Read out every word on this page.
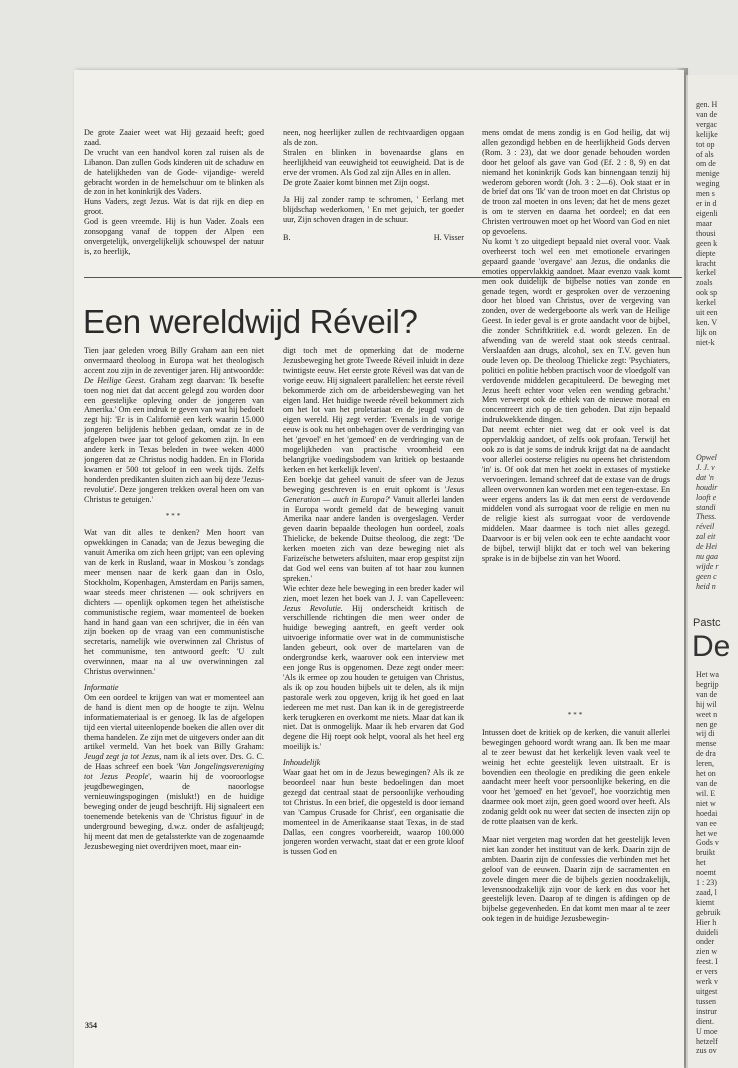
De grote Zaaier weet wat Hij gezaaid heeft; goed zaad.

De vrucht van een handvol koren zal ruisen als de Libanon. Dan zullen Gods kinderen uit de schaduw en de hatelijkheden van de Gode- vijandige- wereld gebracht worden in de hemelschuur om te blinken als de zon in het koninkrijk des Vaders.

Huns Vaders, zegt Jezus. Wat is dat rijk en diep en groot.

God is geen vreemde. Hij is hun Vader. Zoals een zonsopgang vanaf de toppen der Alpen een onvergetelijk, onvergelijkelijk schouwspel der natuur is, zo heerlijk,

neen, nog heerlijker zullen de rechtvaardigen opgaan als de zon.

Stralen en blinken in bovenaardse glans en heerlijkheid van eeuwigheid tot eeuwigheid. Dat is de erve der vromen. Als God zal zijn Alles en in allen.

De grote Zaaier komt binnen met Zijn oogst.

Ja Hij zal zonder ramp te schromen, ' Eerlang met blijdschap wederkomen, ' En met gejuich, ter goeder uur, Zijn schoven dragen in de schuur.

B.	H. Visser
Een wereldwijd Réveil?

mens omdat de mens zondig is en God heilig, dat wij allen gezondigd hebben en de heerlijkheid Gods derven (Rom. 3 : 23), dat we door genade behouden worden door het geloof als gave van God (Ef. 2 : 8, 9) en dat niemand het koninkrijk Gods kan binnengaan tenzij hij wederom geboren wordt (Joh. 3 : 2—6). Ook staat er in de brief dat ons 'Ik' van de troon moet en dat Christus op de troon zal moeten in ons leven; dat het de mens gezet is om te sterven en daarna het oordeel; en dat een Christen vertrouwen moet op het Woord van God en niet op gevoelens.

Nu komt 't zo uitgediept bepaald niet overal voor. Vaak overheerst toch wel een met emotionele ervaringen gepaard gaande 'overgave' aan Jezus, die ondanks die emoties oppervlakkig aandoet. Maar evenzo vaak komt men ook duidelijk de bijbelse noties van zonde en genade tegen, wordt er gesproken over de verzoening door het bloed van Christus, over de vergeving van zonden, over de wedergeboorte als werk van de Heilige Geest. In ieder geval is er grote aandacht voor de bijbel, die zonder Schriftkritiek e.d. wordt gelezen. En de afwending van de wereld staat ook steeds centraal. Verslaafden aan drugs, alcohol, sex en T.V. geven hun oude leven op. De theoloog Thielicke zegt: 'Psychiaters, politici en politie hebben practisch voor de vloedgolf van verdovende middelen gecapituleerd. De beweging met Jezus heeft echter voor velen een wending gebracht.' Men verwerpt ook de ethiek van de nieuwe moraal en concentreert zich op de tien geboden. Dat zijn bepaald indrukwekkende dingen.

Dat neemt echter niet weg dat er ook veel is dat oppervlakkig aandoet, of zelfs ook profaan. Terwijl het ook zo is dat je soms de indruk krijgt dat na de aandacht voor allerlei oosterse religies nu opeens het christendom 'in' is. Of ook dat men het zoekt in extases of mystieke vervoeringen. Iemand schreef dat de extase van de drugs alleen overwonnen kan worden met een tegen-extase. En weer ergens anders las ik dat men eerst de verdovende middelen vond als surrogaat voor de religie en men nu de religie kiest als surrogaat voor de verdovende middelen. Maar daarmee is toch niet alles gezegd. Daarvoor is er bij velen ook een te echte aandacht voor de bijbel, terwijl blijkt dat er toch wel van bekering sprake is in de bijbelse zin van het Woord.

***

Intussen doet de kritiek op de kerken, die vanuit allerlei bewegingen gehoord wordt wrang aan. Ik ben me maar al te zeer bewust dat het kerkelijk leven vaak veel te weinig het echte geestelijk leven uitstraalt. Er is bovendien een theologie en prediking die geen enkele aandacht meer heeft voor persoonlijke bekering, en die voor het 'gemoed' en het 'gevoel', hoe voorzichtig men daarmee ook moet zijn, geen goed woord over heeft. Als zodanig geldt ook nu weer dat secten de insecten zijn op de rotte plaatsen van de kerk.

Maar niet vergeten mag worden dat het geestelijk leven niet kan zonder het instituut van de kerk. Daarin zijn de ambten. Daarin zijn de confessies die verbinden met het geloof van de eeuwen. Daarin zijn de sacramenten en zovele dingen meer die de bijbels gezien noodzakelijk, levensnoodzakelijk zijn voor de kerk en dus voor het geestelijk leven. Daarop af te dingen is afdingen op de bijbelse gegevenheden. En dat komt men maar al te zeer ook tegen in de huidige Jezusbewegin-

Tien jaar geleden vroeg Billy Graham aan een niet onvermaard theoloog in Europa wat het theologisch accent zou zijn in de zeventiger jaren. Hij antwoordde: De Heilige Geest. Graham zegt daarvan: 'Ik besefte toen nog niet dat dat accent gelegd zou worden door een geestelijke opleving onder de jongeren van Amerika.' Om een indruk te geven van wat hij bedoelt zegt hij: 'Er is in Californië een kerk waarin 15.000 jongeren belijdenis hebben gedaan, omdat ze in de afgelopen twee jaar tot geloof gekomen zijn. In een andere kerk in Texas beleden in twee weken 4000 jongeren dat ze Christus nodig hadden. En in Florida kwamen er 500 tot geloof in een week tijds. Zelfs honderden predikanten sluiten zich aan bij deze 'Jezus-revolutie'. Deze jongeren trekken overal heen om van Christus te getuigen.'

***

Wat van dit alles te denken? Men hoort van opwekkingen in Canada; van de Jezus beweging die vanuit Amerika om zich heen grijpt; van een opleving van de kerk in Rusland, waar in Moskou 's zondags meer mensen naar de kerk gaan dan in Oslo, Stockholm, Kopenhagen, Amsterdam en Parijs samen, waar steeds meer christenen — ook schrijvers en dichters — openlijk opkomen tegen het atheïstische communistische regiem, waar momenteel de boeken hand in hand gaan van een schrijver, die in één van zijn boeken op de vraag van een communistische secretaris, namelijk wie overwinnen zal Christus of het communisme, ten antwoord geeft: 'U zult overwinnen, maar na al uw overwinningen zal Christus overwinnen.'

Informatie

Om een oordeel te krijgen van wat er momenteel aan de hand is dient men op de hoogte te zijn. Welnu informatiemateriaal is er genoeg. Ik las de afgelopen tijd een viertal uiteenlopende boeken die allen over dit thema handelen. Ze zijn met de uitgevers onder aan dit artikel vermeld. Van het boek van Billy Graham: Jeugd zegt ja tot Jezus, nam ik al iets over. Drs. G. C. de Haas schreef een boek 'Van Jongelingsvereniging tot Jezus People', waarin hij de vooroorlogse jeugdbewegingen, de naoorlogse vernieuwingspogingen (mislukt!) en de huidige beweging onder de jeugd beschrijft. Hij signaleert een toenemende betekenis van de 'Christus figuur' in de underground beweging, d.w.z. onder de asfaltjeugd; hij meent dat men de getalssterkte van de zogenaamde Jezusbeweging niet overdrijven moet, maar ein-

digt toch met de opmerking dat de moderne Jezusbeweging het grote Tweede Réveil inluidt in deze twintigste eeuw. Het eerste grote Réveil was dat van de vorige eeuw. Hij signaleert parallellen: het eerste réveil bekommerde zich om de arbeidersbeweging van het eigen land. Het huidige tweede réveil bekommert zich om het lot van het proletariaat en de jeugd van de eigen wereld. Hij zegt verder: 'Evenals in de vorige eeuw is ook nu het onbehagen over de verdringing van het 'gevoel' en het 'gemoed' en de verdringing van de mogelijkheden van practische vroomheid een belangrijke voedingsbodem van kritiek op bestaande kerken en het kerkelijk leven'.

Een boekje dat geheel vanuit de sfeer van de Jezus beweging geschreven is en eruit opkomt is 'Jesus Generation — auch in Europa?' Vanuit allerlei landen in Europa wordt gemeld dat de beweging vanuit Amerika naar andere landen is overgeslagen. Verder geven daarin bepaalde theologen hun oordeel, zoals Thielicke, de bekende Duitse theoloog, die zegt: 'De kerken moeten zich van deze beweging niet als Farizeïsche betweters afsluiten, maar erop gespitst zijn dat God wel eens van buiten af tot haar zou kunnen spreken.'

Wie echter deze hele beweging in een breder kader wil zien, moet lezen het boek van J. J. van Capelleveen: Jezus Revolutie. Hij onderscheidt kritisch de verschillende richtingen die men weer onder de huidige beweging aantreft, en geeft verder ook uitvoerige informatie over wat in de communistische landen gebeurt, ook over de martelaren van de ondergrondse kerk, waarover ook een interview met een jonge Rus is opgenomen. Deze zegt onder meer: 'Als ik ermee op zou houden te getuigen van Christus, als ik op zou houden bijbels uit te delen, als ik mijn pastorale werk zou opgeven, krijg ik het goed en laat iedereen me met rust. Dan kan ik in de geregistreerde kerk terugkeren en overkomt me niets. Maar dat kan ik niet. Dat is onmogelijk. Maar ik heb ervaren dat God degene die Hij roept ook helpt, vooral als het heel erg moeilijk is.'

Inhoudelijk

Waar gaat het om in de Jezus bewegingen? Als ik ze beoordeel naar hun beste bedoelingen dan moet gezegd dat centraal staat de persoonlijke verhouding tot Christus. In een brief, die opgesteld is door iemand van 'Campus Crusade for Christ', een organisatie die momenteel in de Amerikaanse staat Texas, in de stad Dallas, een congres voorbereidt, waarop 100.000 jongeren worden verwacht, staat dat er een grote kloof is tussen God en

354

gen. H

van de

vergac

kelijke

tot op

of als

om de

menige

weging

men s

er in d

eigenli

maar

thousi

geen k

diepte

kracht

kerkel

zoals

ook sp

kerkel

uit een

ken. V

lijk on

niet-k

Opwel

J. J. v

dat 'n

houdir

looft e

standi

Thess.

réveil

zal eit

de Hei

nu gaa

wijde r

geen c

heid n

Pastc
De

Het wa

begrijp

van de

hij wil

weet n

nen ge

wij di

mense

de dra

leren,

het on

van de

wil. E

niet w

hoedai

van ee

het we

Gods v

bruikt

het

noemt

1 : 23)

zaad, l

kiemt

gebruik

Hier h

duideli

onder

zien w

feest. I

er vers

werk v

uitgest

tussen

instrur

dient.

U moe

hetzelf

zus ov
